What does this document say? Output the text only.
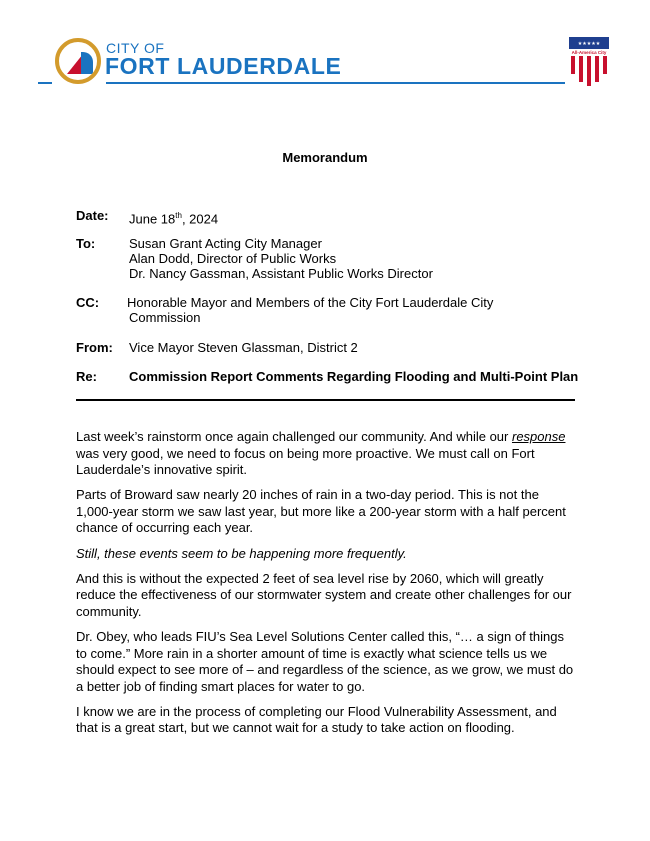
CITY OF
FORT LAUDERDALE
★★★★★
All-America City
Memorandum
Date: June 18th, 2024
To:	Susan Grant Acting City Manager
Alan Dodd, Director of Public Works
Dr. Nancy Gassman, Assistant Public Works Director
CC: Honorable Mayor and Members of the City Fort Lauderdale City
Commission
From: Vice Mayor Steven Glassman, District 2
Re: Commission Report Comments Regarding Flooding and Multi-Point Plan

Last week’s rainstorm once again challenged our community. And while our response was very good, we need to focus on being more proactive. We must call on Fort Lauderdale’s innovative spirit.

Parts of Broward saw nearly 20 inches of rain in a two-day period. This is not the 1,000-year storm we saw last year, but more like a 200-year storm with a half percent chance of occurring each year.

Still, these events seem to be happening more frequently.

And this is without the expected 2 feet of sea level rise by 2060, which will greatly reduce the effectiveness of our stormwater system and create other challenges for our community.

Dr. Obey, who leads FIU’s Sea Level Solutions Center called this, “… a sign of things to come.” More rain in a shorter amount of time is exactly what science tells us we should expect to see more of – and regardless of the science, as we grow, we must do a better job of finding smart places for water to go.

I know we are in the process of completing our Flood Vulnerability Assessment, and that is a great start, but we cannot wait for a study to take action on flooding.
